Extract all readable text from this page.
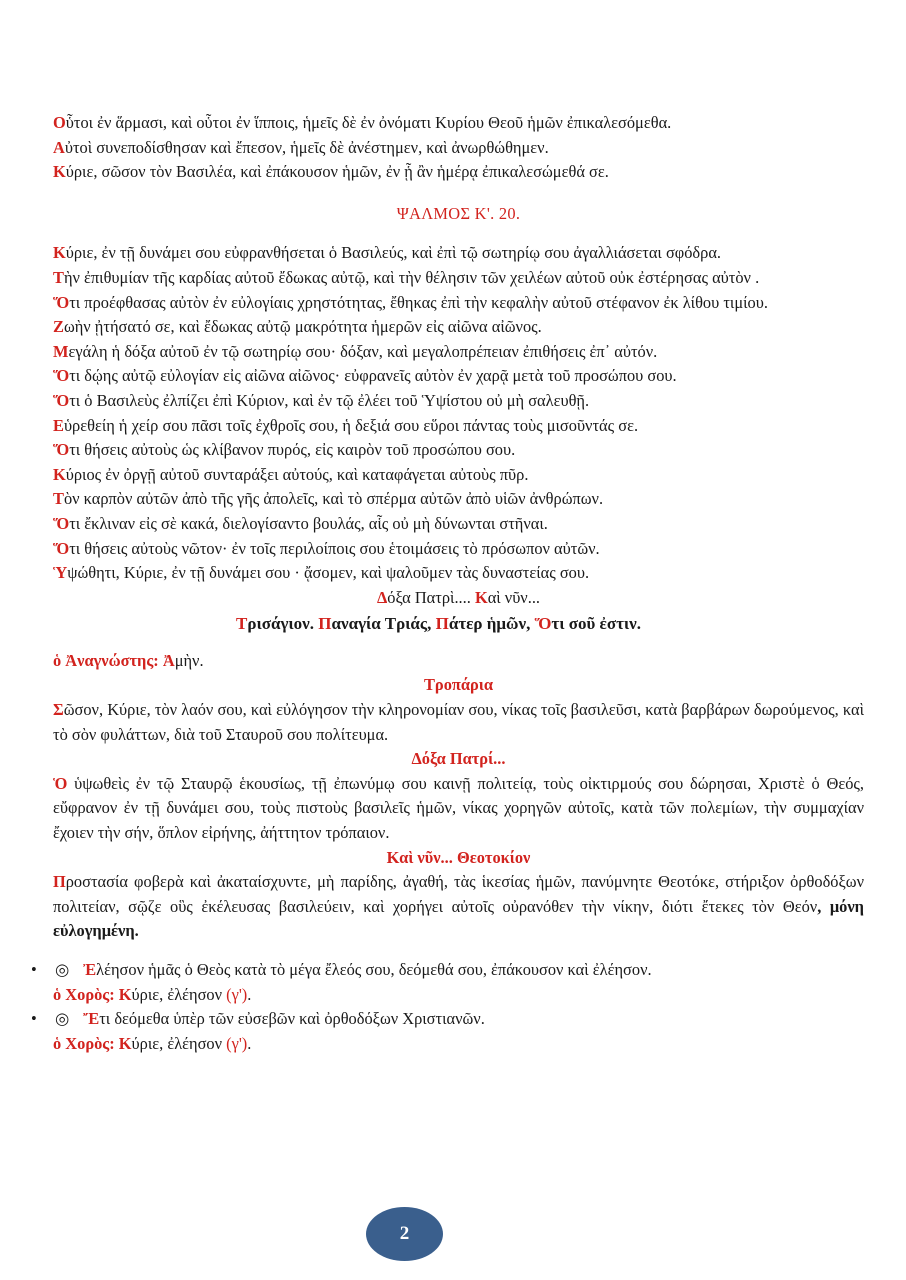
Οὗτοι ἐν ἅρμασι, καὶ οὗτοι ἐν ἵπποις, ἡμεῖς δὲ ἐν ὀνόματι Κυρίου Θεοῦ ἡμῶν ἐπικαλεσόμεθα.

Αὐτοὶ συνεποδίσθησαν καὶ ἔπεσον, ἡμεῖς δὲ ἀνέστημεν, καὶ ἀνωρθώθημεν.

Κύριε, σῶσον τὸν Βασιλέα, καὶ ἐπάκουσον ἡμῶν, ἐν ᾗ ἂν ἡμέρᾳ ἐπικαλεσώμεθά σε.

ΨΑΛΜΟΣ Κ'. 20.

Κύριε, ἐν τῇ δυνάμει σου εὐφρανθήσεται ὁ Βασιλεύς, καὶ ἐπὶ τῷ σωτηρίῳ σου ἀγαλλιάσεται σφόδρα.

Τὴν ἐπιθυμίαν τῆς καρδίας αὐτοῦ ἔδωκας αὐτῷ, καὶ τὴν θέλησιν τῶν χειλέων αὐτοῦ οὐκ ἐστέρησας αὐτὸν .

Ὅτι προέφθασας αὐτὸν ἐν εὐλογίαις χρηστότητας, ἔθηκας ἐπὶ τὴν κεφαλὴν αὐτοῦ στέφανον ἐκ λίθου τιμίου.

Ζωὴν ᾐτήσατό σε, καὶ ἔδωκας αὐτῷ μακρότητα ἡμερῶν εἰς αἰῶνα αἰῶνος.

Μεγάλη ἡ δόξα αὐτοῦ ἐν τῷ σωτηρίῳ σου· δόξαν, καὶ μεγαλοπρέπειαν ἐπιθήσεις ἐπ᾽ αὐτόν.

Ὅτι δῴης αὐτῷ εὐλογίαν εἰς αἰῶνα αἰῶνος· εὐφρανεῖς αὐτὸν ἐν χαρᾷ μετὰ τοῦ προσώπου σου.

Ὅτι ὁ Βασιλεὺς ἐλπίζει ἐπὶ Κύριον, καὶ ἐν τῷ ἐλέει τοῦ Ὑψίστου οὐ μὴ σαλευθῇ.

Εὑρεθείη ἡ χείρ σου πᾶσι τοῖς ἐχθροῖς σου, ἡ δεξιά σου εὕροι πάντας τοὺς μισοῦντάς σε.

Ὅτι θήσεις αὐτοὺς ὡς κλίβανον πυρός, εἰς καιρὸν τοῦ προσώπου σου.

Κύριος ἐν ὀργῇ αὐτοῦ συνταράξει αὐτούς, καὶ καταφάγεται αὐτοὺς πῦρ.

Τὸν καρπὸν αὐτῶν ἀπὸ τῆς γῆς ἀπολεῖς, καὶ τὸ σπέρμα αὐτῶν ἀπὸ υἱῶν ἀνθρώπων.

Ὅτι ἔκλιναν εἰς σὲ κακά, διελογίσαντο βουλάς, αἷς οὐ μὴ δύνωνται στῆναι.

Ὅτι θήσεις αὐτοὺς νῶτον· ἐν τοῖς περιλοίποις σου ἑτοιμάσεις τὸ πρόσωπον αὐτῶν.

Ὑψώθητι, Κύριε, ἐν τῇ δυνάμει σου · ᾄσομεν, καὶ ψαλοῦμεν τὰς δυναστείας σου.

Δόξα Πατρὶ.... Καὶ νῦν...

Τρισάγιον. Παναγία Τριάς, Πάτερ ἡμῶν, Ὅτι σοῦ ἐστιν.

ὁ Ἀναγνώστης: Ἀμὴν.

Τροπάρια

Σῶσον, Κύριε, τὸν λαόν σου, καὶ εὐλόγησον τὴν κληρονομίαν σου, νίκας τοῖς βασιλεῦσι, κατὰ βαρβάρων δωρούμενος, καὶ τὸ σὸν φυλάττων, διὰ τοῦ Σταυροῦ σου πολίτευμα.

Δόξα Πατρί...

Ὁ ὑψωθεὶς ἐν τῷ Σταυρῷ ἑκουσίως, τῇ ἐπωνύμῳ σου καινῇ πολιτείᾳ, τοὺς οἰκτιρμούς σου δώρησαι, Χριστὲ ὁ Θεός, εὔφρανον ἐν τῇ δυνάμει σου, τοὺς πιστοὺς βασιλεῖς ἡμῶν, νίκας χορηγῶν αὐτοῖς, κατὰ τῶν πολεμίων, τὴν συμμαχίαν ἔχοιεν τὴν σήν, ὅπλον εἰρήνης, ἀήττητον τρόπαιον.

Καὶ νῦν... Θεοτοκίον

Προστασία φοβερὰ καὶ ἀκαταίσχυντε, μὴ παρίδης, ἀγαθή, τὰς ἱκεσίας ἡμῶν, πανύμνητε Θεοτόκε, στήριξον ὀρθοδόξων πολιτείαν, σῷζε οὓς ἐκέλευσας βασιλεύειν, καὶ χορήγει αὐτοῖς οὐρανόθεν τὴν νίκην, διότι ἔτεκες τὸν Θεόν, μόνη εὐλογημένη.

• ◎ Ἐλέησον ἡμᾶς ὁ Θεὸς κατὰ τὸ μέγα ἔλεός σου, δεόμεθά σου, ἐπάκουσον καὶ ἐλέησον.

ὁ Χορὸς: Κύριε, ἐλέησον (γ').

• ◎ Ἔτι δεόμεθα ὑπὲρ τῶν εὐσεβῶν καὶ ὀρθοδόξων Χριστιανῶν.

ὁ Χορὸς: Κύριε, ἐλέησον (γ').

2
